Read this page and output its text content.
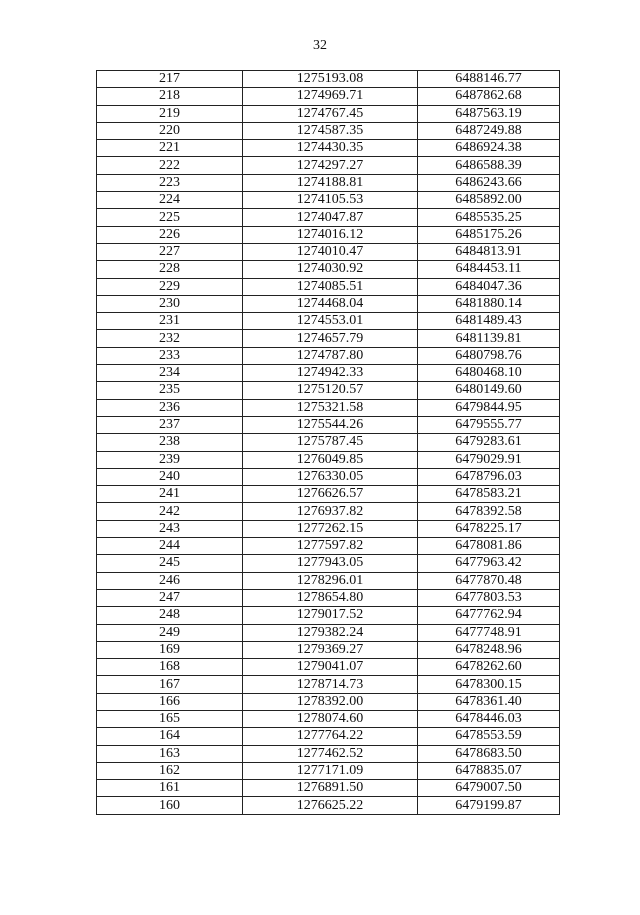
32
217	1275193.08	6488146.77
218	1274969.71	6487862.68
219	1274767.45	6487563.19
220	1274587.35	6487249.88
221	1274430.35	6486924.38
222	1274297.27	6486588.39
223	1274188.81	6486243.66
224	1274105.53	6485892.00
225	1274047.87	6485535.25
226	1274016.12	6485175.26
227	1274010.47	6484813.91
228	1274030.92	6484453.11
229	1274085.51	6484047.36
230	1274468.04	6481880.14
231	1274553.01	6481489.43
232	1274657.79	6481139.81
233	1274787.80	6480798.76
234	1274942.33	6480468.10
235	1275120.57	6480149.60
236	1275321.58	6479844.95
237	1275544.26	6479555.77
238	1275787.45	6479283.61
239	1276049.85	6479029.91
240	1276330.05	6478796.03
241	1276626.57	6478583.21
242	1276937.82	6478392.58
243	1277262.15	6478225.17
244	1277597.82	6478081.86
245	1277943.05	6477963.42
246	1278296.01	6477870.48
247	1278654.80	6477803.53
248	1279017.52	6477762.94
249	1279382.24	6477748.91
169	1279369.27	6478248.96
168	1279041.07	6478262.60
167	1278714.73	6478300.15
166	1278392.00	6478361.40
165	1278074.60	6478446.03
164	1277764.22	6478553.59
163	1277462.52	6478683.50
162	1277171.09	6478835.07
161	1276891.50	6479007.50
160	1276625.22	6479199.87
